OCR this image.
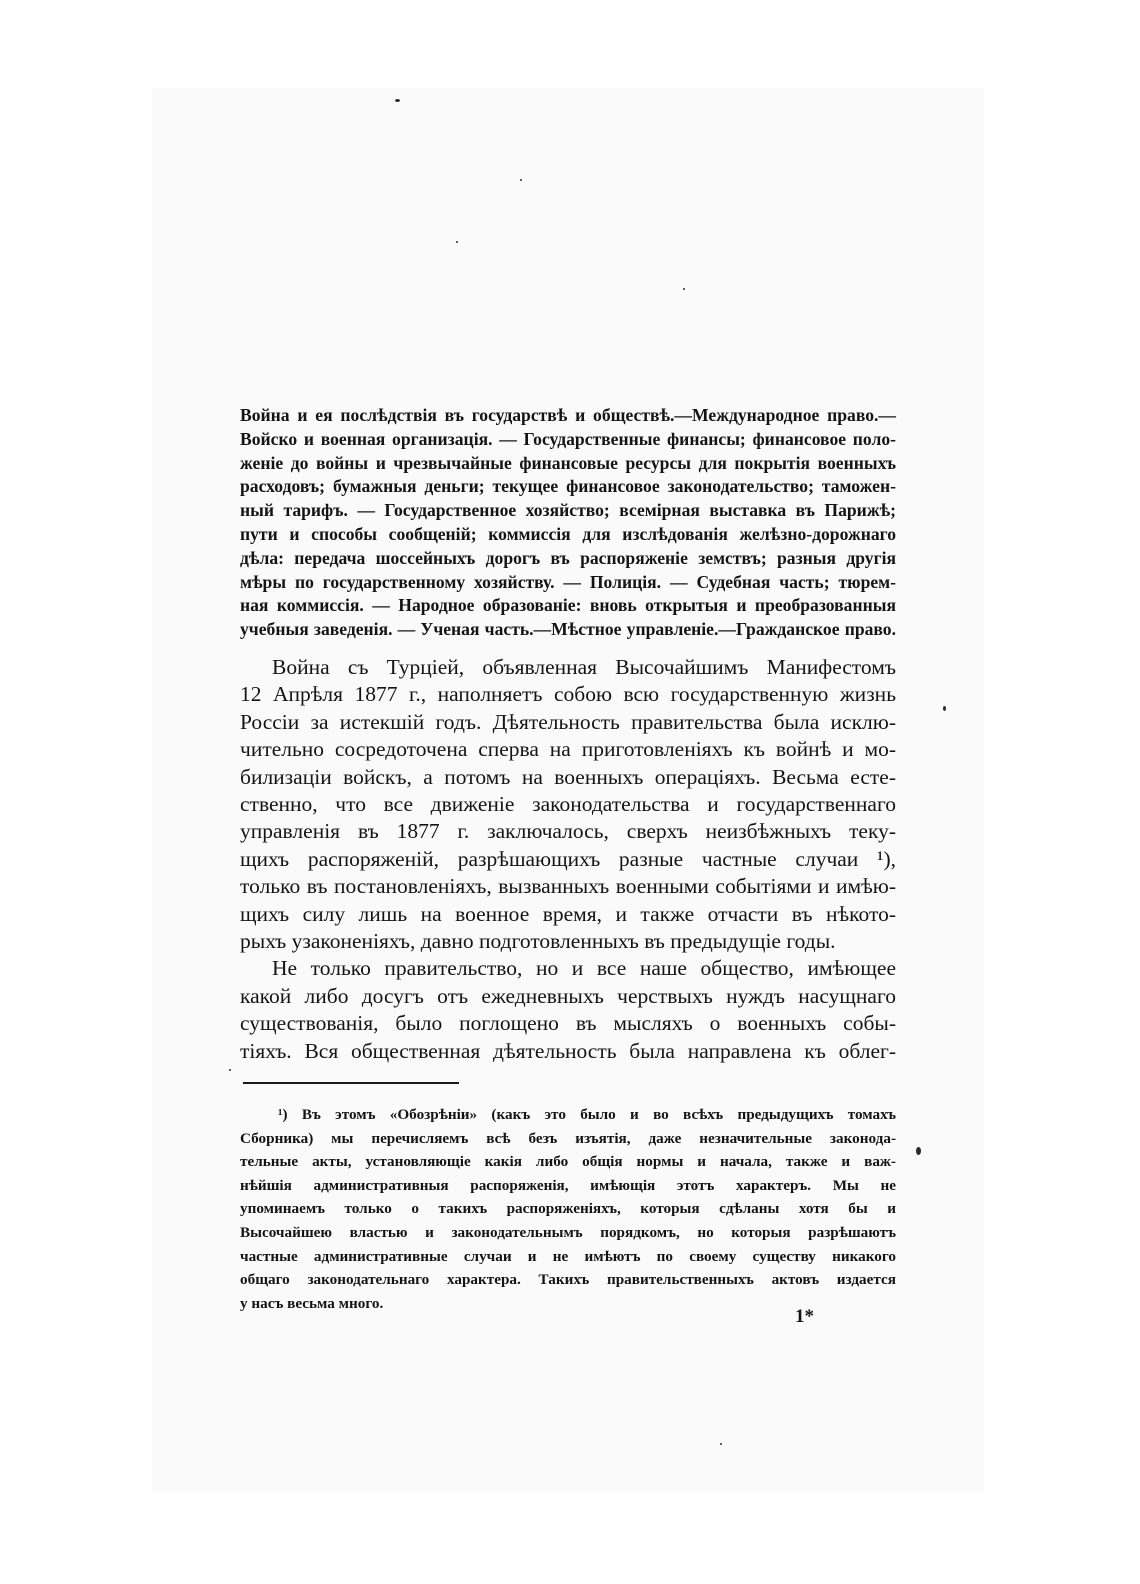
Война и ея послѣдствія въ государствѣ и обществѣ.—Международное право.—
Войско и военная организація. — Государственные финансы; финансовое поло-
женіе до войны и чрезвычайные финансовые ресурсы для покрытія военныхъ
расходовъ; бумажныя деньги; текущее финансовое законодательство; таможен-
ный тарифъ. — Государственное хозяйство; всемірная выставка въ Парижѣ;
пути и способы сообщеній; коммиссія для изслѣдованія желѣзно-дорожнаго
дѣла: передача шоссейныхъ дорогъ въ распоряженіе земствъ; разныя другія
мѣры по государственному хозяйству. — Полиція. — Судебная часть; тюрем-
ная коммиссія. — Народное образованіе: вновь открытыя и преобразованныя
учебныя заведенія. — Ученая часть.—Мѣстное управленіе.—Гражданское право.
Война съ Турціей, объявленная Высочайшимъ Манифестомъ
12 Апрѣля 1877 г., наполняетъ собою всю государственную жизнь
Россіи за истекшій годъ. Дѣятельность правительства была исклю-
чительно сосредоточена сперва на приготовленіяхъ къ войнѣ и мо-
билизаціи войскъ, а потомъ на военныхъ операціяхъ. Весьма есте-
ственно, что все движеніе законодательства и государственнаго
управленія въ 1877 г. заключалось, сверхъ неизбѣжныхъ теку-
щихъ распоряженій, разрѣшающихъ разные частные случаи ¹),
только въ постановленіяхъ, вызванныхъ военными событіями и имѣю-
щихъ силу лишь на военное время, и также отчасти въ нѣкото-
рыхъ узаконеніяхъ, давно подготовленныхъ въ предыдущіе годы.
Не только правительство, но и все наше общество, имѣющее
какой либо досугъ отъ ежедневныхъ черствыхъ нуждъ насущнаго
существованія, было поглощено въ мысляхъ о военныхъ собы-
тіяхъ. Вся общественная дѣятельность была направлена къ облег-
¹) Въ этомъ «Обозрѣніи» (какъ это было и во всѣхъ предыдущихъ томахъ
Сборника) мы перечисляемъ всѣ безъ изъятія, даже незначительные законода-
тельные акты, установляющіе какія либо общія нормы и начала, также и важ-
нѣйшія административныя распоряженія, имѣющія этотъ характеръ. Мы не
упоминаемъ только о такихъ распоряженіяхъ, которыя сдѣланы хотя бы и
Высочайшею властью и законодательнымъ порядкомъ, но которыя разрѣшаютъ
частные административные случаи и не имѣютъ по своему существу никакого
общаго законодательнаго характера. Такихъ правительственныхъ актовъ издается
у насъ весьма много.
1*
